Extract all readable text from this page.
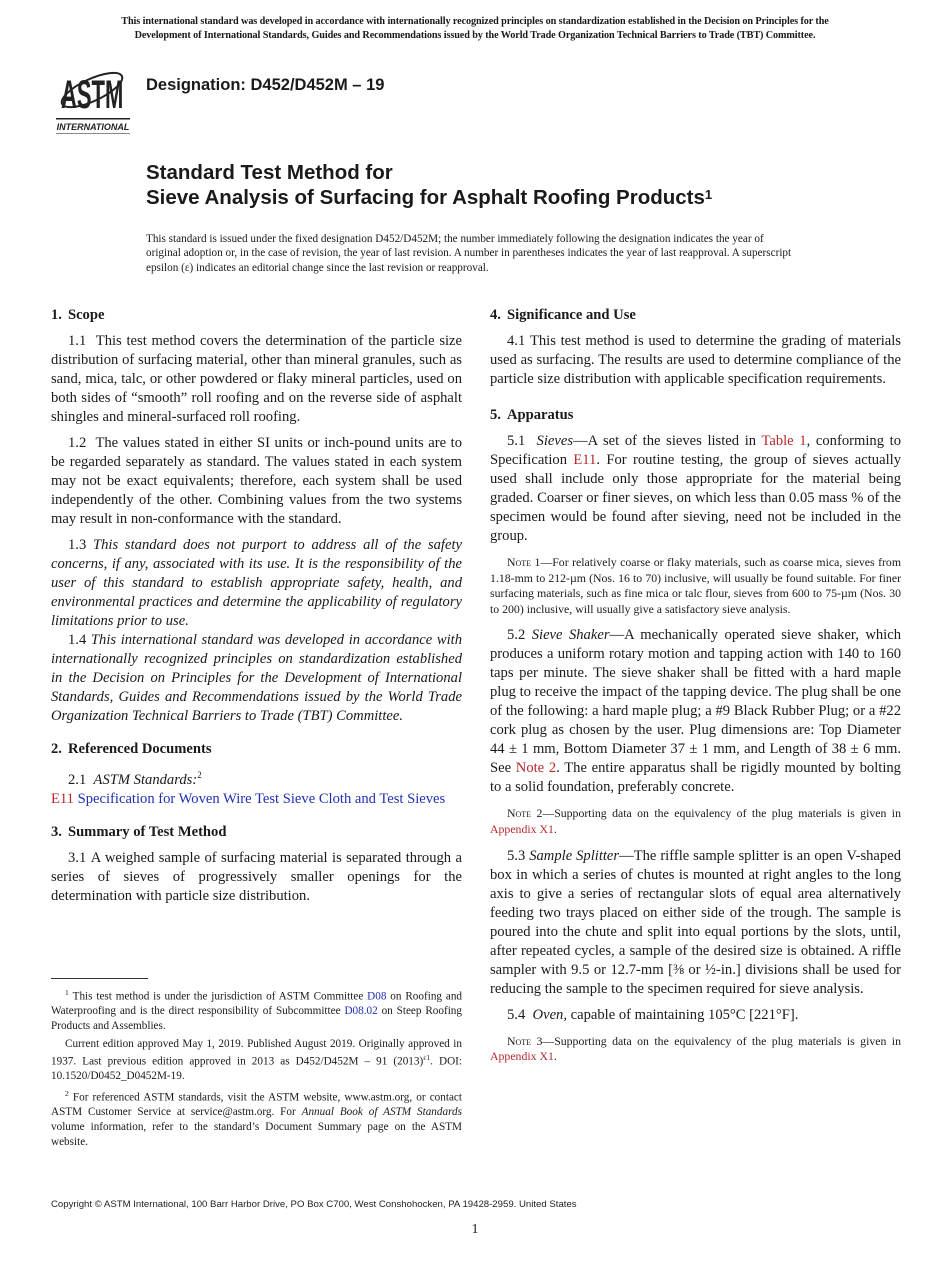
This international standard was developed in accordance with internationally recognized principles on standardization established in the Decision on Principles for the
Development of International Standards, Guides and Recommendations issued by the World Trade Organization Technical Barriers to Trade (TBT) Committee.
ASTM
INTERNATIONAL
Designation: D452/D452M – 19
Standard Test Method for
Sieve Analysis of Surfacing for Asphalt Roofing Products$^1$
This standard is issued under the fixed designation D452/D452M; the number immediately following the designation indicates the year of original adoption or, in the case of revision, the year of last revision. A number in parentheses indicates the year of last reapproval. A superscript epsilon (ε) indicates an editorial change since the last revision or reapproval.
1. Scope

1.1 This test method covers the determination of the particle size distribution of surfacing material, other than mineral granules, such as sand, mica, talc, or other powdered or flaky mineral particles, used on both sides of “smooth” roll roofing and on the reverse side of asphalt shingles and mineral-surfaced roll roofing.

1.2 The values stated in either SI units or inch-pound units are to be regarded separately as standard. The values stated in each system may not be exact equivalents; therefore, each system shall be used independently of the other. Combining values from the two systems may result in non-conformance with the standard.

1.3 This standard does not purport to address all of the safety concerns, if any, associated with its use. It is the responsibility of the user of this standard to establish appropriate safety, health, and environmental practices and determine the applicability of regulatory limitations prior to use.

1.4 This international standard was developed in accordance with internationally recognized principles on standardization established in the Decision on Principles for the Development of International Standards, Guides and Recommendations issued by the World Trade Organization Technical Barriers to Trade (TBT) Committee.

2. Referenced Documents

2.1 ASTM Standards:$^2$

E11 Specification for Woven Wire Test Sieve Cloth and Test Sieves
3. Summary of Test Method

3.1 A weighed sample of surfacing material is separated through a series of sieves of progressively smaller openings for the determination with particle size distribution.

$^1$ This test method is under the jurisdiction of ASTM Committee D08 on Roofing and Waterproofing and is the direct responsibility of Subcommittee D08.02 on Steep Roofing Products and Assemblies.

Current edition approved May 1, 2019. Published August 2019. Originally approved in 1937. Last previous edition approved in 2013 as D452/D452M – 91 $(2013)^{\varepsilon 1}$. DOI: 10.1520/D0452_D0452M-19.

$^2$ For referenced ASTM standards, visit the ASTM website, www.astm.org, or contact ASTM Customer Service at service@astm.org. For Annual Book of ASTM Standards volume information, refer to the standard’s Document Summary page on the ASTM website.

4. Significance and Use

4.1 This test method is used to determine the grading of materials used as surfacing. The results are used to determine compliance of the particle size distribution with applicable specification requirements.

5. Apparatus

5.1 Sieves—A set of the sieves listed in Table 1, conforming to Specification E11. For routine testing, the group of sieves actually used shall include only those appropriate for the material being graded. Coarser or finer sieves, on which less than 0.05 mass % of the specimen would be found after sieving, need not be included in the group.

Note 1—For relatively coarse or flaky materials, such as coarse mica, sieves from 1.18-mm to 212-µm (Nos. 16 to 70) inclusive, will usually be found suitable. For finer surfacing materials, such as fine mica or talc flour, sieves from 600 to 75-µm (Nos. 30 to 200) inclusive, will usually give a satisfactory sieve analysis.

5.2 Sieve Shaker—A mechanically operated sieve shaker, which produces a uniform rotary motion and tapping action with 140 to 160 taps per minute. The sieve shaker shall be fitted with a hard maple plug to receive the impact of the tapping device. The plug shall be one of the following: a hard maple plug; a #9 Black Rubber Plug; or a #22 cork plug as chosen by the user. Plug dimensions are: Top Diameter 44 ± 1 mm, Bottom Diameter 37 ± 1 mm, and Length of 38 ± 6 mm. See Note 2. The entire apparatus shall be rigidly mounted by bolting to a solid foundation, preferably concrete.

Note 2—Supporting data on the equivalency of the plug materials is given in Appendix X1.

5.3 Sample Splitter—The riffle sample splitter is an open V-shaped box in which a series of chutes is mounted at right angles to the long axis to give a series of rectangular slots of equal area alternatively feeding two trays placed on either side of the trough. The sample is poured into the chute and split into equal portions by the slots, until, after repeated cycles, a sample of the desired size is obtained. A riffle sampler with 9.5 or 12.7-mm [⅜ or ½-in.] divisions shall be used for reducing the sample to the specimen required for sieve analysis.

5.4 Oven, capable of maintaining 105°C [221°F].

Note 3—Supporting data on the equivalency of the plug materials is given in Appendix X1.
Copyright © ASTM International, 100 Barr Harbor Drive, PO Box C700, West Conshohocken, PA 19428-2959. United States
1
